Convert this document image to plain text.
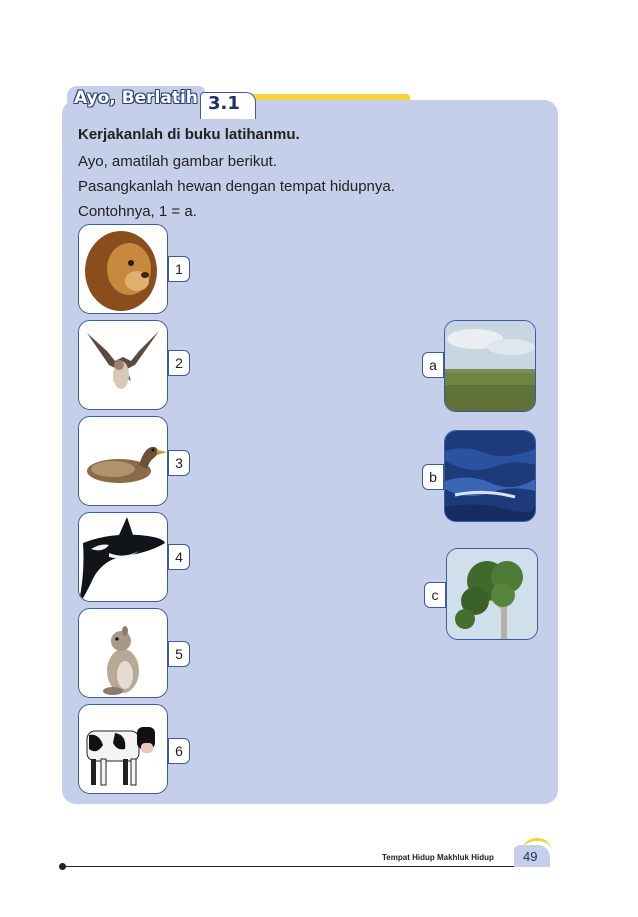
Ayo, Berlatih 3.1
Kerjakanlah di buku latihanmu.
Ayo, amatilah gambar berikut.
Pasangkanlah hewan dengan tempat hidupnya.
Contohnya, 1 = a.
1
2
3
4
5
6
a
b
c
Tempat Hidup Makhluk Hidup 49
